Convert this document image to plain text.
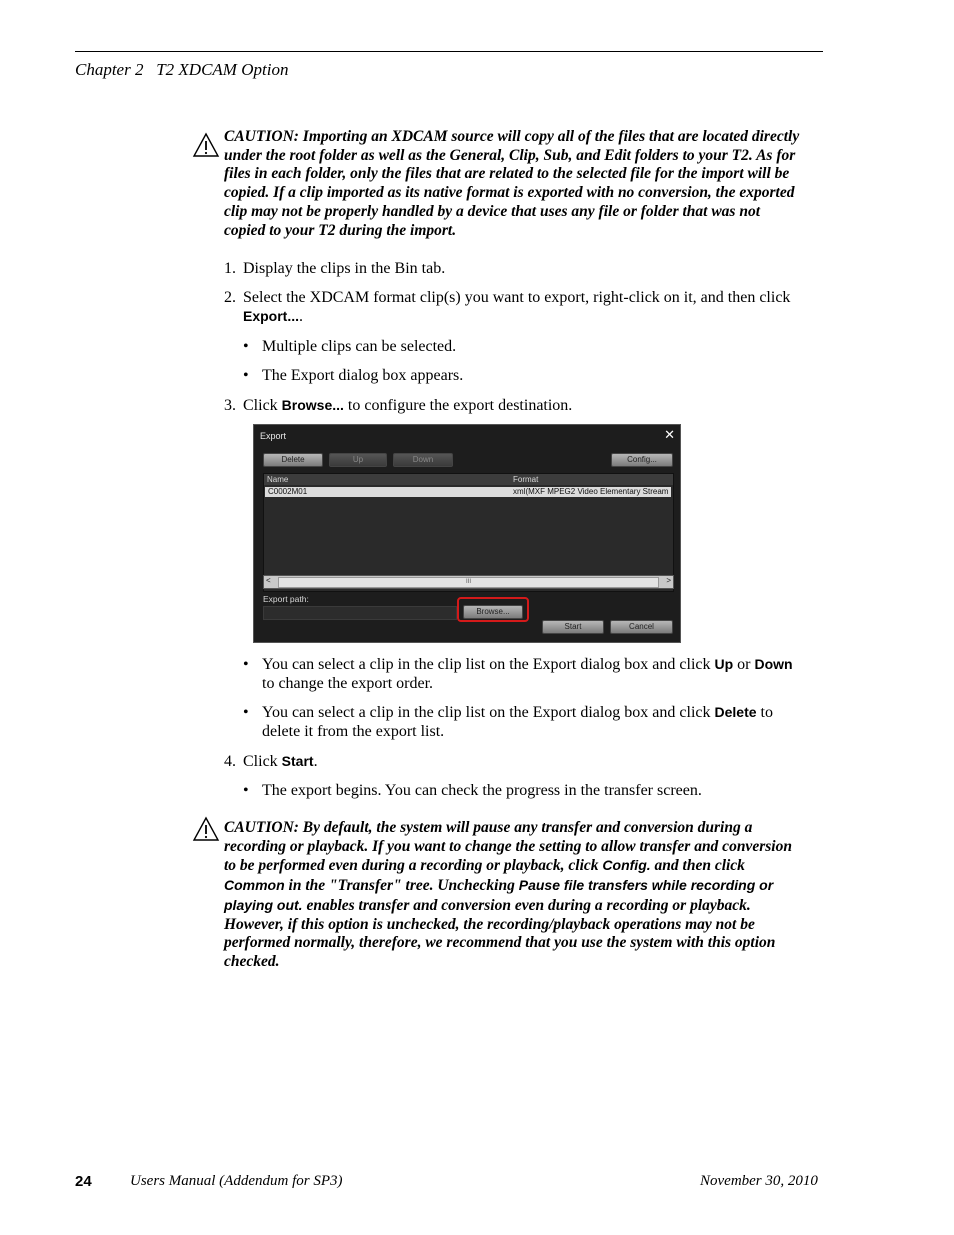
Chapter 2   T2 XDCAM Option
CAUTION: Importing an XDCAM source will copy all of the files that are located directly under the root folder as well as the General, Clip, Sub, and Edit folders to your T2. As for files in each folder, only the files that are related to the selected file for the import will be copied. If a clip imported as its native format is exported with no conversion, the exported clip may not be properly handled by a device that uses any file or folder that was not copied to your T2 during the import.
1. Display the clips in the Bin tab.
2. Select the XDCAM format clip(s) you want to export, right-click on it, and then click Export....
• Multiple clips can be selected.
• The Export dialog box appears.
3. Click Browse... to configure the export destination.
Export	✕
Delete	Up	Down	Config...
Name	Format
C0002M01	xml(MXF MPEG2 Video Elementary Stream
<	III	>
Export path:
Browse...
Start	Cancel
• You can select a clip in the clip list on the Export dialog box and click Up or Down to change the export order.
• You can select a clip in the clip list on the Export dialog box and click Delete to delete it from the export list.
4. Click Start.
• The export begins. You can check the progress in the transfer screen.
CAUTION: By default, the system will pause any transfer and conversion during a recording or playback. If you want to change the setting to allow transfer and conversion to be performed even during a recording or playback, click Config. and then click Common in the "Transfer" tree. Unchecking Pause file transfers while recording or playing out. enables transfer and conversion even during a recording or playback. However, if this option is unchecked, the recording/playback operations may not be performed normally, therefore, we recommend that you use the system with this option checked.
24	Users Manual (Addendum for SP3)	November 30, 2010
